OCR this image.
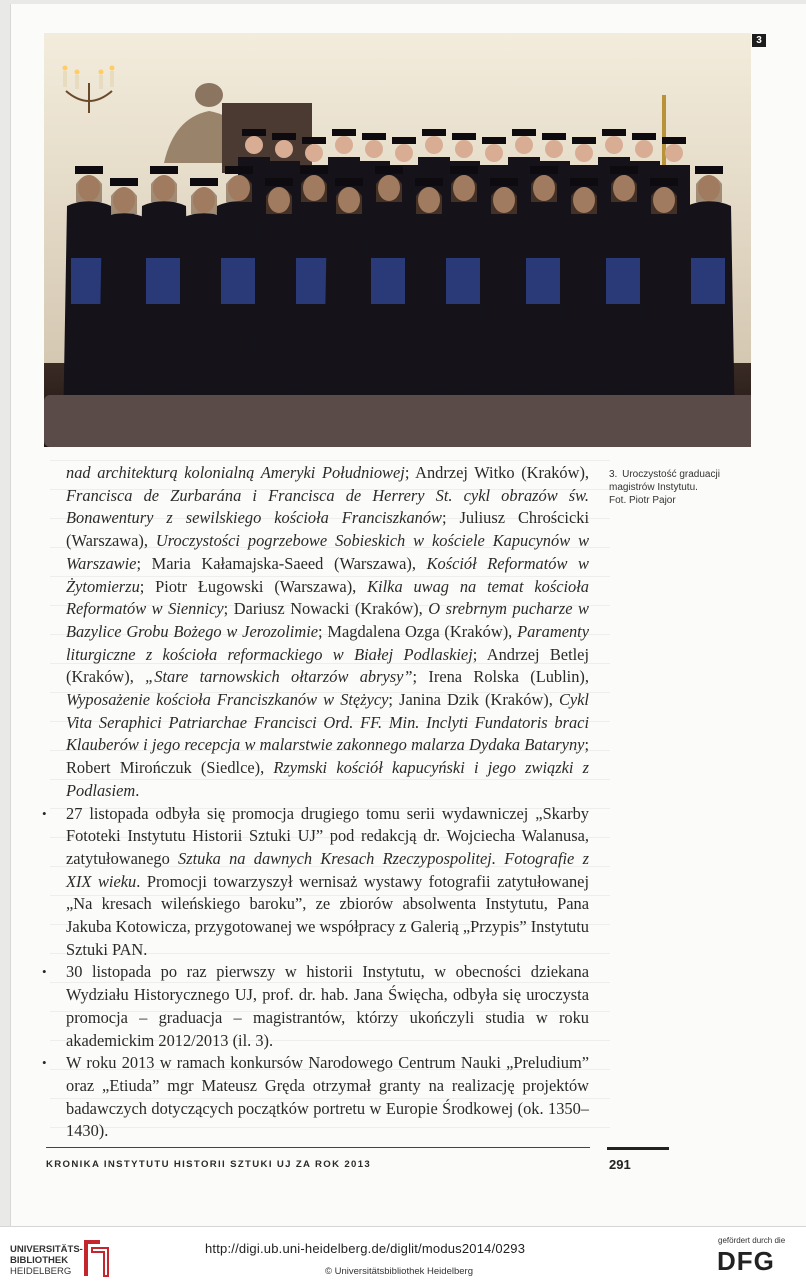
3
3. Uroczystość graduacji
magistrów Instytutu.
Fot. Piotr Pajor

nad architekturą kolonialną Ameryki Południowej; Andrzej Witko (Kraków), Francisca de Zurbarána i Francisca de Herrery St. cykl obrazów św. Bonawentury z sewilskiego kościoła Franciszkanów; Juliusz Chrościcki (Warszawa), Uroczystości pogrzebowe Sobieskich w kościele Kapucynów w Warszawie; Maria Kałamajska-Saeed (Warszawa), Kościół Reformatów w Żytomierzu; Piotr Ługowski (Warszawa), Kilka uwag na temat kościoła Reformatów w Siennicy; Dariusz Nowacki (Kraków), O srebrnym pucharze w Bazylice Grobu Bożego w Jerozolimie; Magdalena Ozga (Kraków), Paramenty liturgiczne z kościoła reformackiego w Białej Podlaskiej; Andrzej Betlej (Kraków), „Stare tarnowskich ołtarzów abrysy”; Irena Rolska (Lublin), Wyposażenie kościoła Franciszkanów w Stężycy; Janina Dzik (Kraków), Cykl Vita Seraphici Patriarchae Francisci Ord. FF. Min. Inclyti Fundatoris braci Klauberów i jego recepcja w malarstwie zakonnego malarza Dydaka Bataryny; Robert Mirończuk (Siedlce), Rzymski kościół kapucyński i jego związki z Podlasiem.

• 27 listopada odbyła się promocja drugiego tomu serii wydawniczej „Skarby Fototeki Instytutu Historii Sztuki UJ” pod redakcją dr. Wojciecha Walanusa, zatytułowanego Sztuka na dawnych Kresach Rzeczypospolitej. Fotografie z XIX wieku. Promocji towarzyszył wernisaż wystawy fotografii zatytułowanej „Na kresach wileńskiego baroku”, ze zbiorów absolwenta Instytutu, Pana Jakuba Kotowicza, przygotowanej we współpracy z Galerią „Przypis” Instytutu Sztuki PAN.

• 30 listopada po raz pierwszy w historii Instytutu, w obecności dziekana Wydziału Historycznego UJ, prof. dr. hab. Jana Święcha, odbyła się uroczysta promocja – graduacja – magistrantów, którzy ukończyli studia w roku akademickim 2012/2013 (il. 3).

• W roku 2013 w ramach konkursów Narodowego Centrum Nauki „Preludium” oraz „Etiuda” mgr Mateusz Gręda otrzymał granty na realizację projektów badawczych dotyczących początków portretu w Europie Środkowej (ok. 1350–1430).

KRONIKA INSTYTUTU HISTORII SZTUKI UJ ZA ROK 2013	291
UNIVERSITÄTS-
BIBLIOTHEK
HEIDELBERG
http://digi.ub.uni-heidelberg.de/diglit/modus2014/0293
© Universitätsbibliothek Heidelberg
gefördert durch die
DFG
